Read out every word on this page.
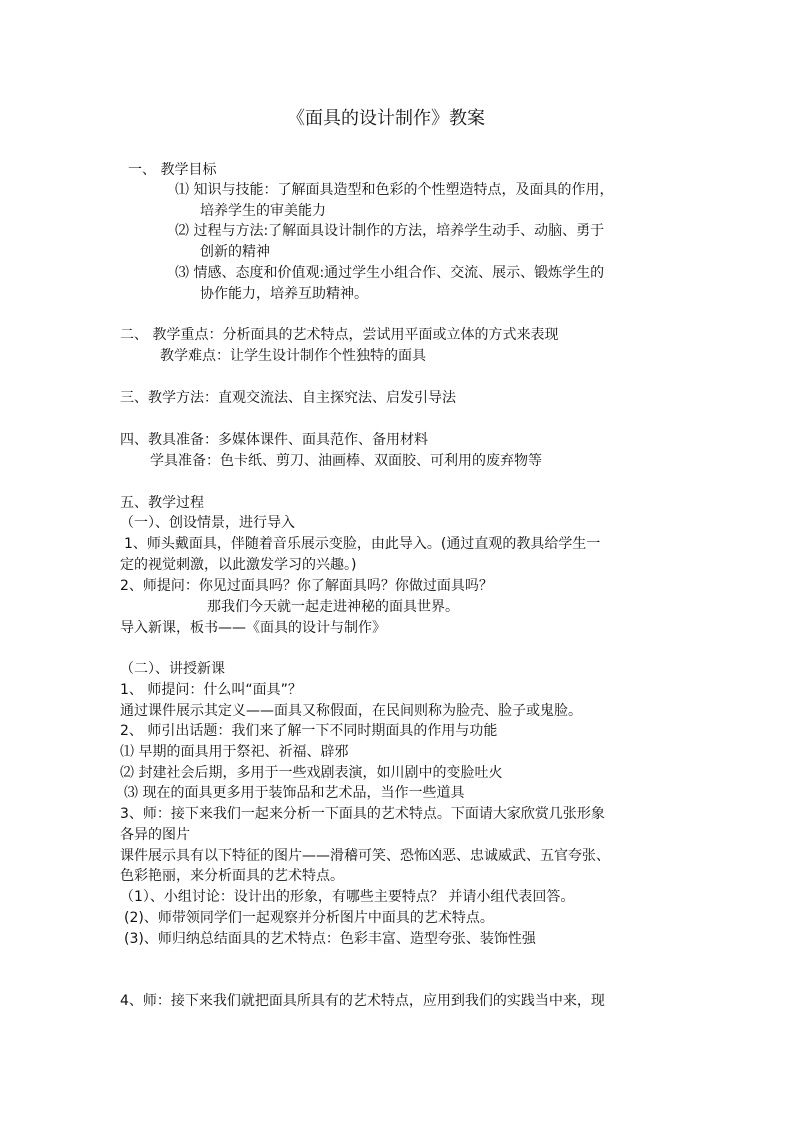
《面具的设计制作》教案
一、 教学目标
⑴ 知识与技能：了解面具造型和色彩的个性塑造特点，及面具的作用，
培养学生的审美能力
⑵ 过程与方法:了解面具设计制作的方法，培养学生动手、动脑、勇于
创新的精神
⑶ 情感、态度和价值观:通过学生小组合作、交流、展示、锻炼学生的
协作能力，培养互助精神。
二、 教学重点：分析面具的艺术特点，尝试用平面或立体的方式来表现
教学难点：让学生设计制作个性独特的面具
三、教学方法：直观交流法、自主探究法、启发引导法
四、教具准备：多媒体课件、面具范作、备用材料
学具准备：色卡纸、剪刀、油画棒、双面胶、可利用的废弃物等
五、教学过程
（一）、创设情景，进行导入
1、师头戴面具，伴随着音乐展示变脸，由此导入。(通过直观的教具给学生一
定的视觉刺激，以此激发学习的兴趣。)
2、师提问：你见过面具吗？你了解面具吗？你做过面具吗？
那我们今天就一起走进神秘的面具世界。
导入新课，板书——《面具的设计与制作》
（二）、讲授新课
1、 师提问：什么叫“面具”？
通过课件展示其定义——面具又称假面，在民间则称为脸壳、脸子或鬼脸。
2、 师引出话题：我们来了解一下不同时期面具的作用与功能
⑴ 早期的面具用于祭祀、祈福、辟邪
⑵ 封建社会后期，多用于一些戏剧表演，如川剧中的变脸吐火
⑶ 现在的面具更多用于装饰品和艺术品，当作一些道具
3、师：接下来我们一起来分析一下面具的艺术特点。下面请大家欣赏几张形象
各异的图片
课件展示具有以下特征的图片——滑稽可笑、恐怖凶恶、忠诚威武、五官夸张、
色彩艳丽，来分析面具的艺术特点。
（1）、小组讨论：设计出的形象，有哪些主要特点？ 并请小组代表回答。
(2)、师带领同学们一起观察并分析图片中面具的艺术特点。
(3)、师归纳总结面具的艺术特点：色彩丰富、造型夸张、装饰性强
4、师：接下来我们就把面具所具有的艺术特点，应用到我们的实践当中来，现
